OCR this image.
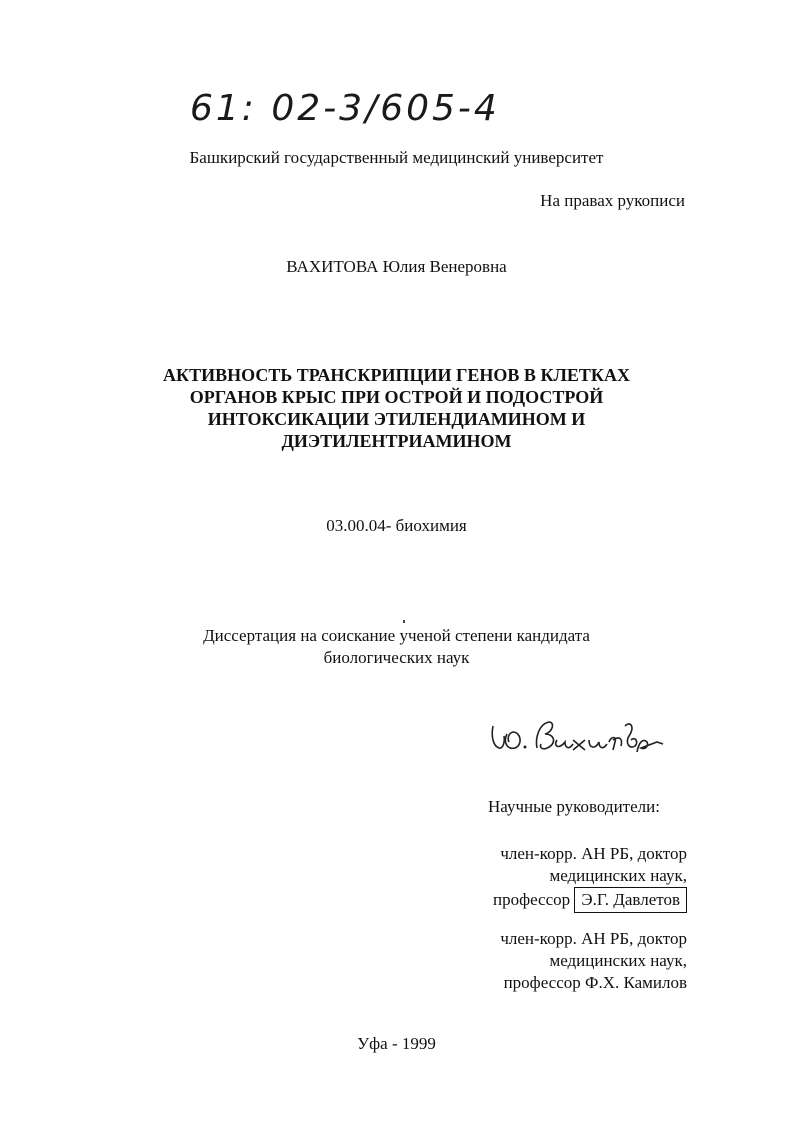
61: 02-3/605-4
Башкирский государственный медицинский университет
На правах рукописи
ВАХИТОВА Юлия Венеровна
АКТИВНОСТЬ ТРАНСКРИПЦИИ ГЕНОВ В КЛЕТКАХ
ОРГАНОВ КРЫС ПРИ ОСТРОЙ И ПОДОСТРОЙ
ИНТОКСИКАЦИИ ЭТИЛЕНДИАМИНОМ И
ДИЭТИЛЕНТРИАМИНОМ
03.00.04- биохимия
Диссертация на соискание ученой степени кандидата
биологических наук
Ю. Вахитова
Научные руководители:
член-корр. АН РБ, доктор
медицинских наук,
профессор Э.Г. Давлетов
член-корр. АН РБ, доктор
медицинских наук,
профессор Ф.Х. Камилов
Уфа - 1999
